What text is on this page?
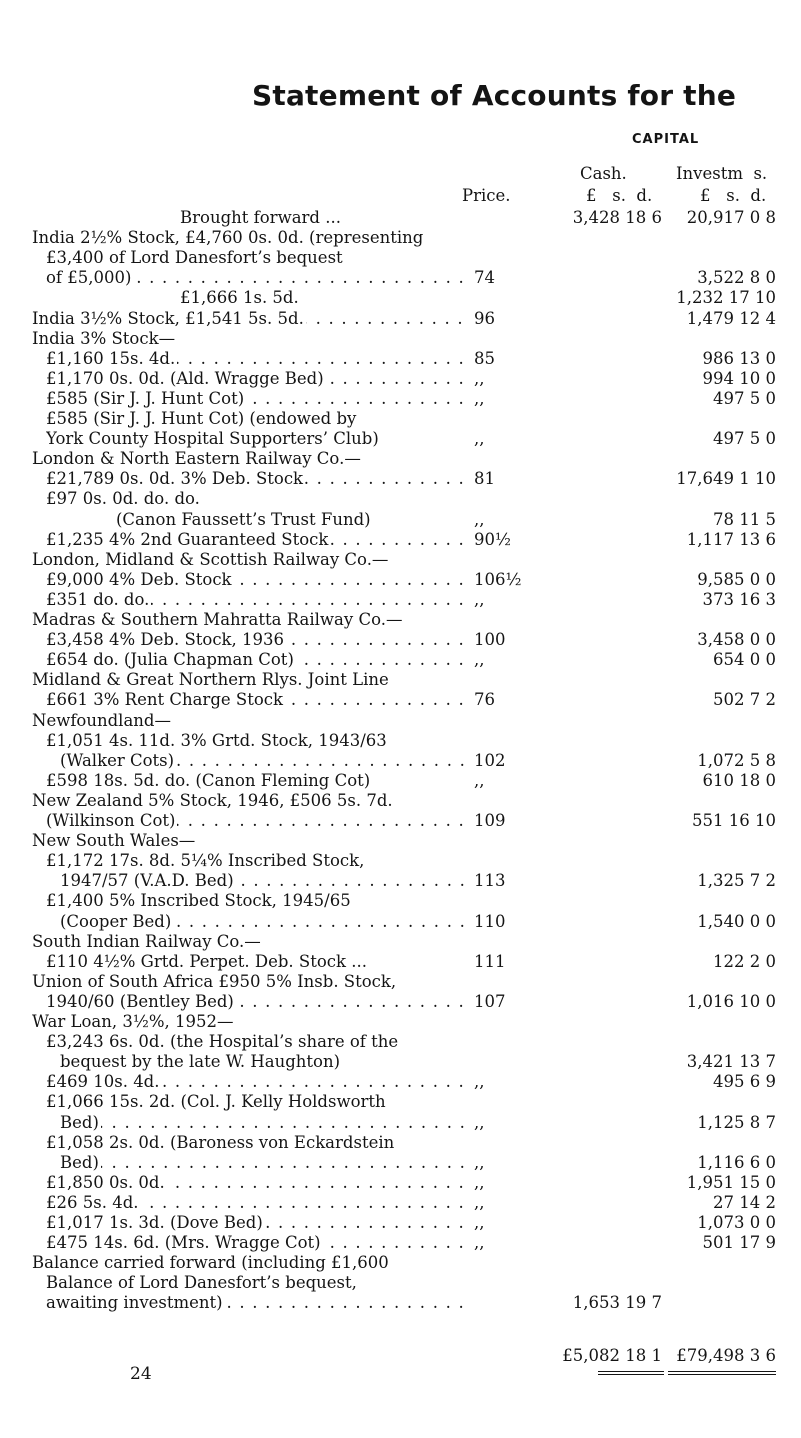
Statement of Accounts for the
CAPITAL
Cash.	Investm  s.
Price.	£   s.  d.	£   s.  d.
Brought forward ...	3,428 18 6	20,917 0 8
India 2½% Stock, £4,760 0s. 0d. (representing
£3,400 of Lord Danesfort’s bequest
of £5,000) . . .	74	3,522 8 0
£1,666 1s. 5d.	1,232 17 10
India 3½% Stock, £1,541 5s. 5d. . . .	96	1,479 12 4
India 3% Stock—
£1,160 15s. 4d. . . .	85	986 13 0
£1,170 0s. 0d. (Ald. Wragge Bed) . . .	,,	994 10 0
£585 (Sir J. J. Hunt Cot) . . .	,,	497 5 0
£585 (Sir J. J. Hunt Cot) (endowed by
York County Hospital Supporters’ Club)	,,	497 5 0
London & North Eastern Railway Co.—
£21,789 0s. 0d. 3% Deb. Stock . . .	81	17,649 1 10
£97 0s. 0d. do. do.
(Canon Faussett’s Trust Fund)	,,	78 11 5
£1,235 4% 2nd Guaranteed Stock . . .	90½	1,117 13 6
London, Midland & Scottish Railway Co.—
£9,000 4% Deb. Stock . . .	106½	9,585 0 0
£351 do. do. . . .	,,	373 16 3
Madras & Southern Mahratta Railway Co.—
£3,458 4% Deb. Stock, 1936 . . .	100	3,458 0 0
£654 do. (Julia Chapman Cot) . . .	,,	654 0 0
Midland & Great Northern Rlys. Joint Line
£661 3% Rent Charge Stock . . .	76	502 7 2
Newfoundland—
£1,051 4s. 11d. 3% Grtd. Stock, 1943/63
(Walker Cots) . . .	102	1,072 5 8
£598 18s. 5d. do. (Canon Fleming Cot)	,,	610 18 0
New Zealand 5% Stock, 1946, £506 5s. 7d.
(Wilkinson Cot) . . .	109	551 16 10
New South Wales—
£1,172 17s. 8d. 5¼% Inscribed Stock,
1947/57 (V.A.D. Bed) . . .	113	1,325 7 2
£1,400 5% Inscribed Stock, 1945/65
(Cooper Bed) . . .	110	1,540 0 0
South Indian Railway Co.—
£110 4½% Grtd. Perpet. Deb. Stock ...	111	122 2 0
Union of South Africa £950 5% Insb. Stock,
1940/60 (Bentley Bed) . . .	107	1,016 10 0
War Loan, 3½%, 1952—
£3,243 6s. 0d. (the Hospital’s share of the
bequest by the late W. Haughton)	3,421 13 7
£469 10s. 4d. . . .	,,	495 6 9
£1,066 15s. 2d. (Col. J. Kelly Holdsworth
Bed) . . .	,,	1,125 8 7
£1,058 2s. 0d. (Baroness von Eckardstein
Bed) . . .	,,	1,116 6 0
£1,850 0s. 0d. . . .	,,	1,951 15 0
£26 5s. 4d. . . .	,,	27 14 2
£1,017 1s. 3d. (Dove Bed) . . .	,,	1,073 0 0
£475 14s. 6d. (Mrs. Wragge Cot) . . .	,,	501 17 9
Balance carried forward (including £1,600
Balance of Lord Danesfort’s bequest,
awaiting investment) . . .	1,653 19 7
£5,082 18 1 £79,498 3 6
24
